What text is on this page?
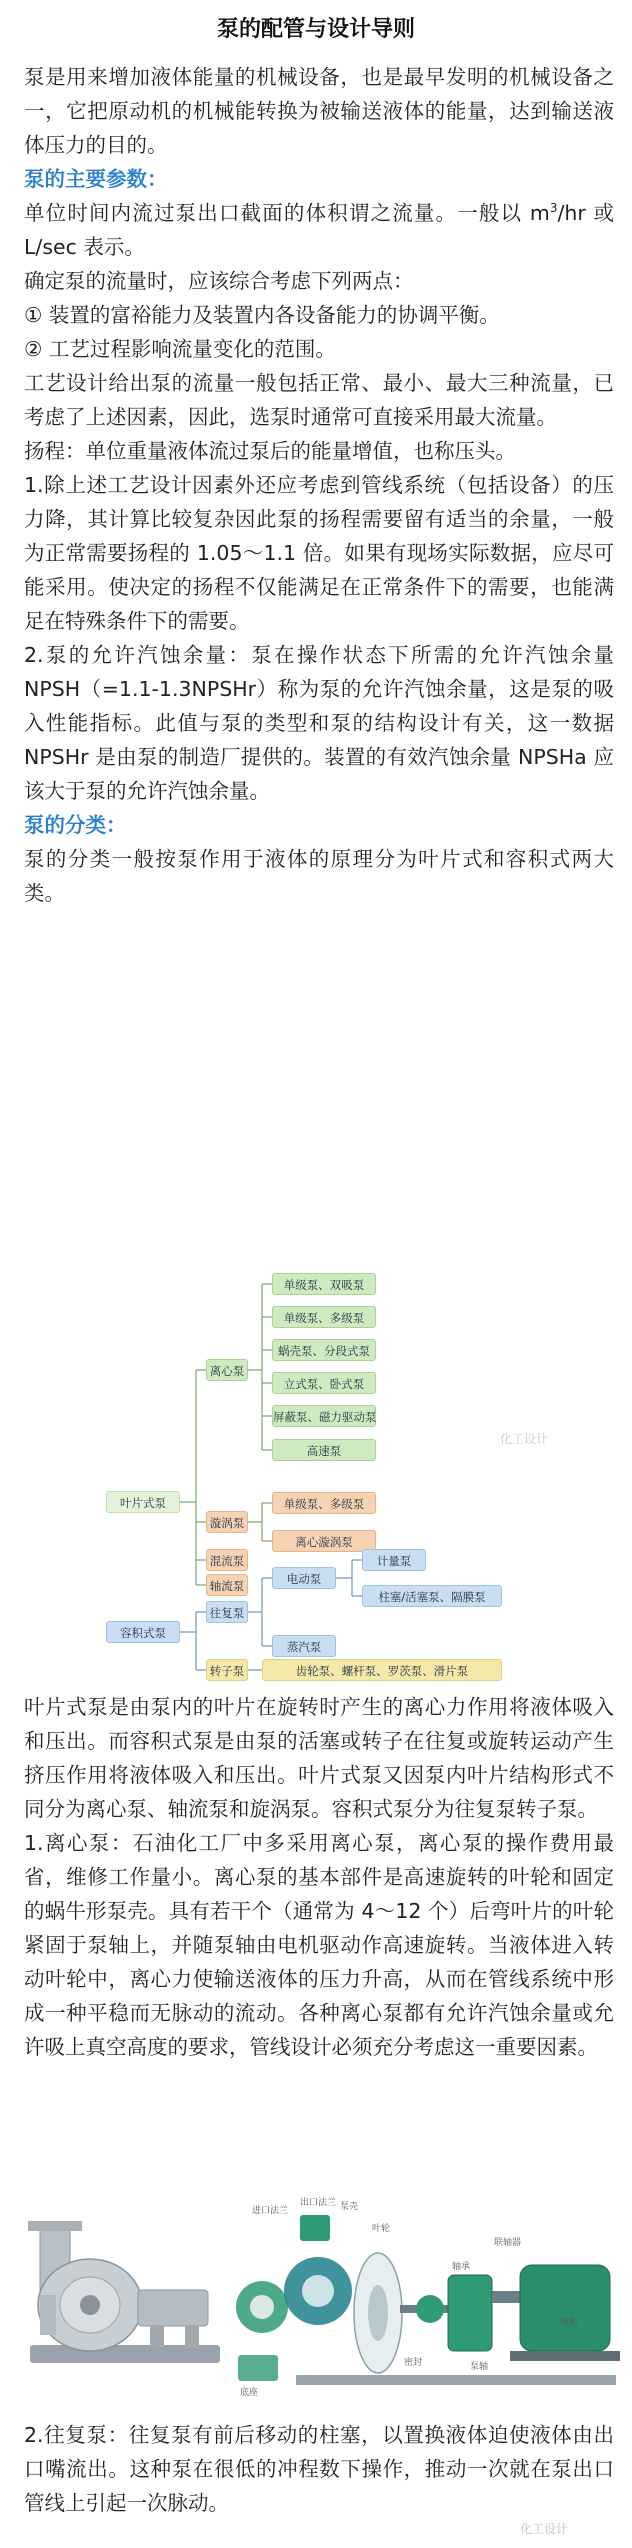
泵的配管与设计导则

泵是用来增加液体能量的机械设备，也是最早发明的机械设备之一，它把原动机的机械能转换为被输送液体的能量，达到输送液体压力的目的。

泵的主要参数：

单位时间内流过泵出口截面的体积谓之流量。一般以 $m^3/hr$ 或 L/sec 表示。

确定泵的流量时，应该综合考虑下列两点：

① 装置的富裕能力及装置内各设备能力的协调平衡。

② 工艺过程影响流量变化的范围。

工艺设计给出泵的流量一般包括正常、最小、最大三种流量，已考虑了上述因素，因此，选泵时通常可直接采用最大流量。

扬程：单位重量液体流过泵后的能量增值，也称压头。

1.除上述工艺设计因素外还应考虑到管线系统（包括设备）的压力降，其计算比较复杂因此泵的扬程需要留有适当的余量，一般为正常需要扬程的 1.05～1.1 倍。如果有现场实际数据，应尽可能采用。使决定的扬程不仅能满足在正常条件下的需要，也能满足在特殊条件下的需要。

2.泵的允许汽蚀余量：泵在操作状态下所需的允许汽蚀余量 NPSH（=1.1-1.3NPSHr）称为泵的允许汽蚀余量，这是泵的吸入性能指标。此值与泵的类型和泵的结构设计有关，这一数据 NPSHr 是由泵的制造厂提供的。装置的有效汽蚀余量 NPSHa 应该大于泵的允许汽蚀余量。

泵的分类：

泵的分类一般按泵作用于液体的原理分为叶片式和容积式两大类。

叶片式泵
离心泵
单级泵、双吸泵
单级泵、多级泵
蜗壳泵、分段式泵
立式泵、卧式泵
屏蔽泵、磁力驱动泵
高速泵
漩涡泵
单级泵、多级泵
离心漩涡泵
混流泵
轴流泵
容积式泵
往复泵
电动泵
计量泵
柱塞/活塞泵、隔膜泵
蒸汽泵
转子泵	齿轮泵、螺杆泵、罗茨泵、滑片泵
化工设计

叶片式泵是由泵内的叶片在旋转时产生的离心力作用将液体吸入和压出。而容积式泵是由泵的活塞或转子在往复或旋转运动产生挤压作用将液体吸入和压出。叶片式泵又因泵内叶片结构形式不同分为离心泵、轴流泵和旋涡泵。容积式泵分为往复泵转子泵。

1.离心泵：石油化工厂中多采用离心泵，离心泵的操作费用最省，维修工作量小。离心泵的基本部件是高速旋转的叶轮和固定的蜗牛形泵壳。具有若干个（通常为 4～12 个）后弯叶片的叶轮紧固于泵轴上，并随泵轴由电机驱动作高速旋转。当液体进入转动叶轮中，离心力使输送液体的压力升高，从而在管线系统中形成一种平稳而无脉动的流动。各种离心泵都有允许汽蚀余量或允许吸上真空高度的要求，管线设计必须充分考虑这一重要因素。

进口法兰
出口法兰 泵壳
叶轮
密封
轴承
泵轴
电机
联轴器
底座

2.往复泵：往复泵有前后移动的柱塞，以置换液体迫使液体由出口嘴流出。这种泵在很低的冲程数下操作，推动一次就在泵出口管线上引起一次脉动。

化工设计
